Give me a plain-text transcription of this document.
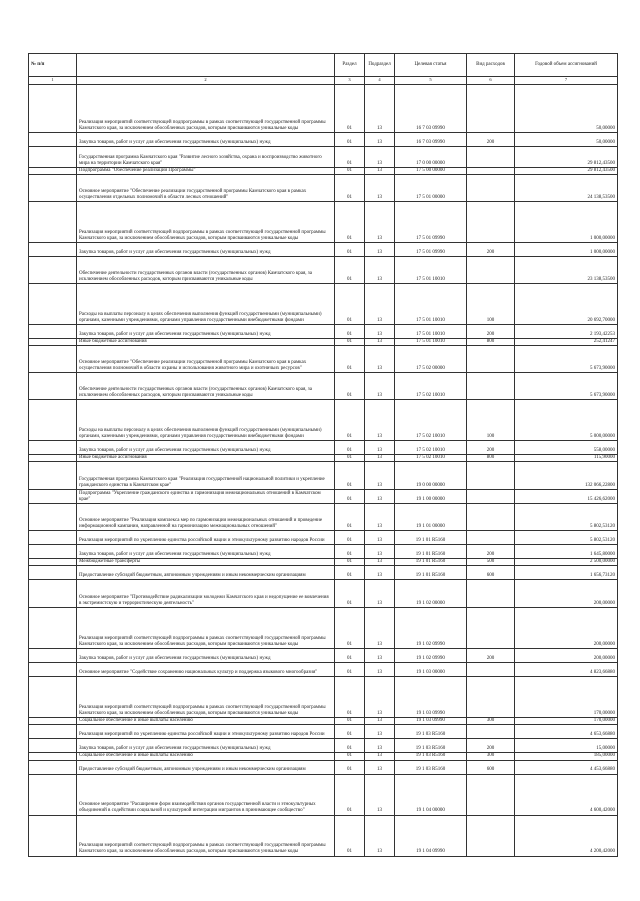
№ п/п		Раздел	Подраздел	Целевая статья	Вид расходов	Годовой объем ассигнований
1	2	3	4	5	6	7
	Реализация мероприятий соответствующей подпрограммы в рамках соответствующей государственной программы Камчатского края, за исключением обособленных расходов, которым присваиваются уникальные коды	01	13	16 7 03 09990		50,00000
	Закупка товаров, работ и услуг для обеспечения государственных (муниципальных) нужд	01	13	16 7 03 09990	200	50,00000
	Государственная программа Камчатского края "Развитие лесного хозяйства, охрана и воспроизводство животного мира на территории Камчатского края"	01	13	17 0 00 00000		29 812,43500
	Подпрограмма "Обеспечение реализации Программы"	01	13	17 5 00 00000		29 812,43500
	Основное мероприятие "Обеспечение реализации государственной программы Камчатского края в рамках осуществления отдельных полномочий в области лесных отношений"	01	13	17 5 01 00000		24 138,53500
	Реализация мероприятий соответствующей подпрограммы в рамках соответствующей государственной программы Камчатского края, за исключением обособленных расходов, которым присваиваются уникальные коды	01	13	17 5 01 09990		1 000,00000
	Закупка товаров, работ и услуг для обеспечения государственных (муниципальных) нужд	01	13	17 5 01 09990	200	1 000,00000
	Обеспечение деятельности государственных органов власти (государственных органов) Камчатского края, за исключением обособленных расходов, которым присваиваются уникальные коды	01	13	17 5 01 10010		23 138,53500
	Расходы на выплаты персоналу в целях обеспечения выполнения функций государственными (муниципальными) органами, казенными учреждениями, органами управления государственными внебюджетными фондами	01	13	17 5 01 10010	100	20 692,70000
	Закупка товаров, работ и услуг для обеспечения государственных (муниципальных) нужд	01	13	17 5 01 10010	200	2 193,42253
	Иные бюджетные ассигнования	01	13	17 5 01 10010	800	252,41247
	Основное мероприятие "Обеспечение реализации государственной программы Камчатского края в рамках осуществления полномочий в области охраны и использования животного мира и охотничьих ресурсов"	01	13	17 5 02 00000		5 673,90000
	Обеспечение деятельности государственных органов власти (государственных органов) Камчатского края, за исключением обособленных расходов, которым присваиваются уникальные коды	01	13	17 5 02 10010		5 673,90000
	Расходы на выплаты персоналу в целях обеспечения выполнения функций государственными (муниципальными) органами, казенными учреждениями, органами управления государственными внебюджетными фондами	01	13	17 5 02 10010	100	5 000,00000
	Закупка товаров, работ и услуг для обеспечения государственных (муниципальных) нужд	01	13	17 5 02 10010	200	558,00000
	Иные бюджетные ассигнования	01	13	17 5 02 10010	800	115,90000
	Государственная программа Камчатского края "Реализация государственной национальной политики и укрепление гражданского единства в Камчатском крае"	01	13	19 0 00 00000		132 066,22800
	Подпрограмма "Укрепление гражданского единства и гармонизация межнациональных отношений в Камчатском крае"	01	13	19 1 00 00000		15 426,62000
	Основное мероприятие "Реализация комплекса мер по гармонизации межнациональных отношений и проведение информационной кампании, направленной на гармонизацию межнациональных отношений"	01	13	19 1 01 00000		5 802,53120
	Реализация мероприятий по укреплению единства российской нации и этнокультурному развитию народов России	01	13	19 1 01 R5160		5 802,53120
	Закупка товаров, работ и услуг для обеспечения государственных (муниципальных) нужд	01	13	19 1 01 R5160	200	1 645,80000
	Межбюджетные трансферты	01	13	19 1 01 R5160	500	2 500,00000
	Предоставление субсидий бюджетным, автономным учреждениям и иным некоммерческим организациям	01	13	19 1 01 R5160	600	1 656,73120
	Основное мероприятие "Противодействие радикализации молодежи Камчатского края и недопущение ее вовлечения в экстремистскую и террористическую деятельность"	01	13	19 1 02 00000		200,00000
	Реализация мероприятий соответствующей подпрограммы в рамках соответствующей государственной программы Камчатского края, за исключением обособленных расходов, которым присваиваются уникальные коды	01	13	19 1 02 09990		200,00000
	Закупка товаров, работ и услуг для обеспечения государственных (муниципальных) нужд	01	13	19 1 02 09990	200	200,00000
	Основное мероприятие "Содействие сохранению национальных культур и поддержка языкового многообразия"	01	13	19 1 03 00000		4 823,66880
	Реализация мероприятий соответствующей подпрограммы в рамках соответствующей государственной программы Камчатского края, за исключением обособленных расходов, которым присваиваются уникальные коды	01	13	19 1 03 09990		170,00000
	Социальное обеспечение и иные выплаты населению	01	13	19 1 03 09990	300	170,00000
	Реализация мероприятий по укреплению единства российской нации и этнокультурному развитию народов России	01	13	19 1 03 R5160		4 653,66880
	Закупка товаров, работ и услуг для обеспечения государственных (муниципальных) нужд	01	13	19 1 03 R5160	200	15,00000
	Социальное обеспечение и иные выплаты населению	01	13	19 1 03 R5160	300	185,00000
	Предоставление субсидий бюджетным, автономным учреждениям и иным некоммерческим организациям	01	13	19 1 03 R5160	600	4 453,66880
	Основное мероприятие "Расширение форм взаимодействия органов государственной власти и этнокультурных объединений в содействии социальной и культурной интеграции мигрантов в принимающее сообщество"	01	13	19 1 04 00000		4 600,42000
	Реализация мероприятий соответствующей подпрограммы в рамках соответствующей государственной программы Камчатского края, за исключением обособленных расходов, которым присваиваются уникальные коды	01	13	19 1 04 09990		4 200,42000
